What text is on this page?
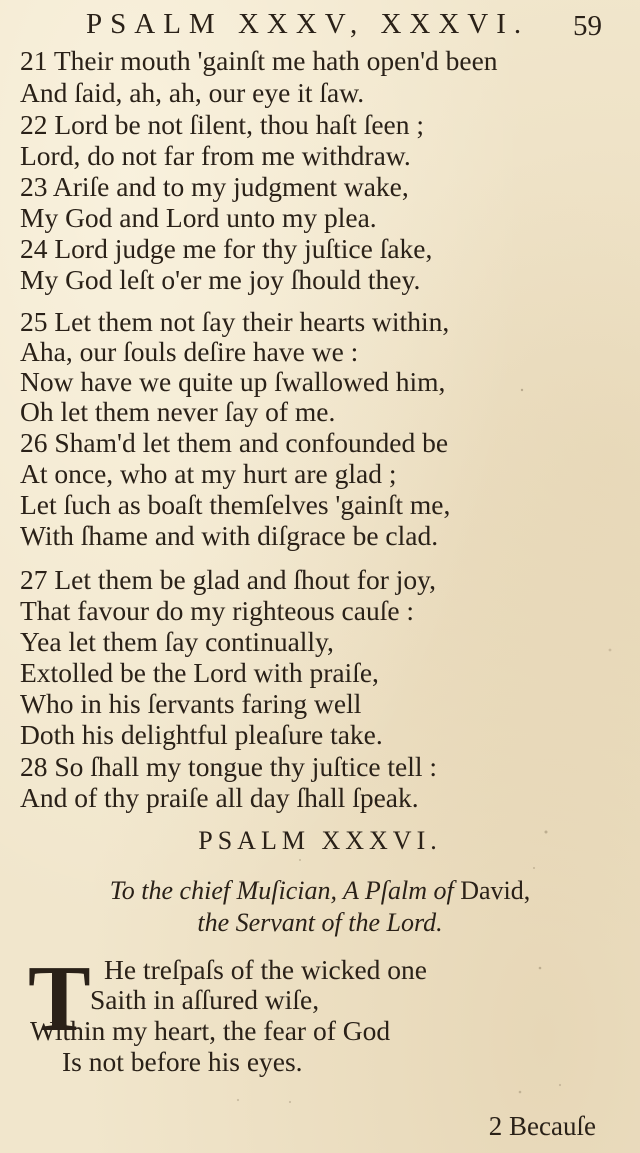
PSALM XXXV, XXXVI. 59
21 Their mouth 'gainſt me hath open'd been
And ſaid, ah, ah, our eye it ſaw.
22 Lord be not ſilent, thou haſt ſeen ;
Lord, do not far from me withdraw.
23 Ariſe and to my judgment wake,
My God and Lord unto my plea.
24 Lord judge me for thy juſtice ſake,
My God leſt o'er me joy ſhould they.
25 Let them not ſay their hearts within,
Aha, our ſouls deſire have we :
Now have we quite up ſwallowed him,
Oh let them never ſay of me.
26 Sham'd let them and confounded be
At once, who at my hurt are glad ;
Let ſuch as boaſt themſelves 'gainſt me,
With ſhame and with diſgrace be clad.
27 Let them be glad and ſhout for joy,
That favour do my righteous cauſe :
Yea let them ſay continually,
Extolled be the Lord with praiſe,
Who in his ſervants faring well
Doth his delightful pleaſure take.
28 So ſhall my tongue thy juſtice tell :
And of thy praiſe all day ſhall ſpeak.
PSALM XXXVI.
To the chief Muſician, A Pſalm of David,
the Servant of the Lord.
T He treſpaſs of the wicked one
Saith in aſſured wiſe,
Within my heart, the fear of God
Is not before his eyes.
2 Becauſe
